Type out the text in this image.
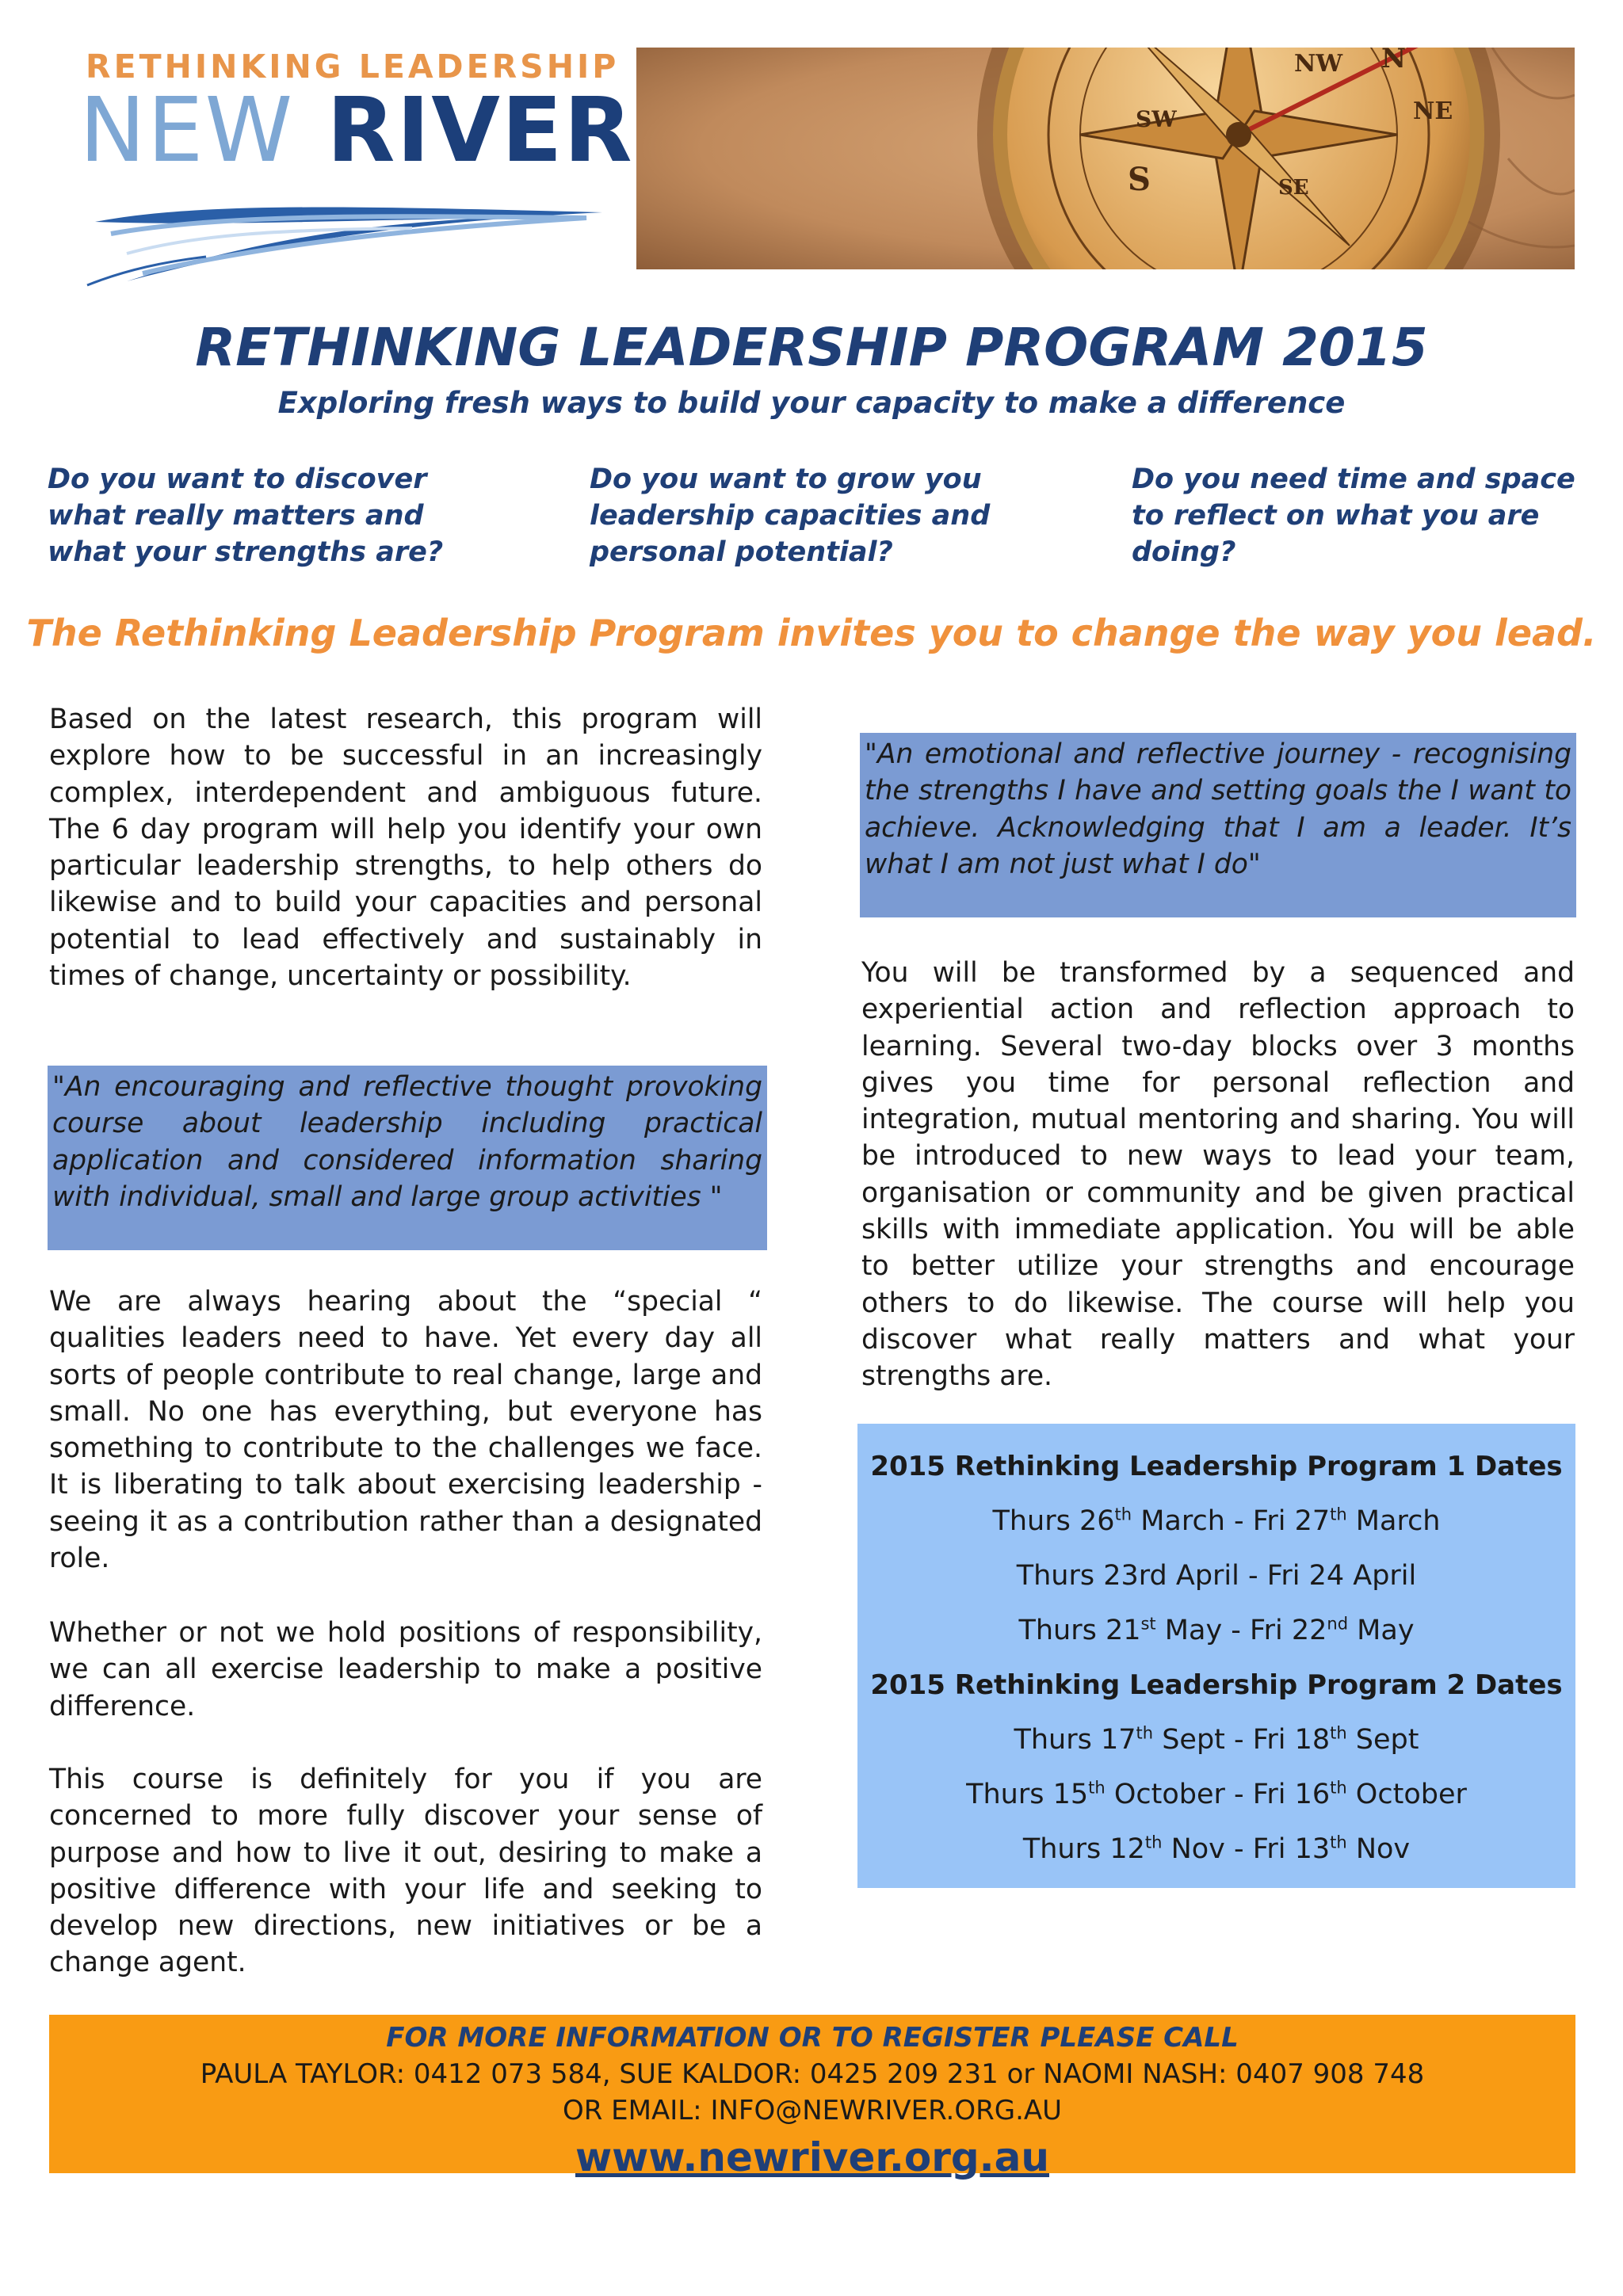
RETHINKING LEADERSHIP
NEW RIVER
NW N
NE
SW
SE
S
RETHINKING LEADERSHIP PROGRAM 2015
Exploring fresh ways to build your capacity to make a difference
Do you want to discover what really matters and what your strengths are?
Do you want to grow you leadership capacities and personal potential?
Do you need time and space to reflect on what you are doing?
The Rethinking Leadership Program invites you to change the way you lead.
Based on the latest research, this program will explore how to be successful in an increasingly complex, interdependent and ambiguous future. The 6 day program will help you identify your own particular leadership strengths, to help others do likewise and to build your capacities and personal potential to lead effectively and sustainably in times of change, uncertainty or possibility.
"An encouraging and reflective thought provoking course about leadership including practical application and considered information sharing with individual, small and large group activities "
We are always hearing about the “special “ qualities leaders need to have. Yet every day all sorts of people contribute to real change, large and small. No one has everything, but everyone has something to contribute to the challenges we face. It is liberating to talk about exercising leadership - seeing it as a contribution rather than a designated role.
Whether or not we hold positions of responsibility, we can all exercise leadership to make a positive difference.
This course is definitely for you if you are concerned to more fully discover your sense of purpose and how to live it out, desiring to make a positive difference with your life and seeking to develop new directions, new initiatives or be a change agent.
"An emotional and reflective journey - recognising the strengths I have and setting goals the I want to achieve. Acknowledging that I am a leader. It’s what I am not just what I do"
You will be transformed by a sequenced and experiential action and reflection approach to learning. Several two-day blocks over 3 months gives you time for personal reflection and integration, mutual mentoring and sharing. You will be introduced to new ways to lead your team, organisation or community and be given practical skills with immediate application. You will be able to better utilize your strengths and encourage others to do likewise. The course will help you discover what really matters and what your strengths are.
2015 Rethinking Leadership Program 1 Dates
Thurs 26th March - Fri 27th March
Thurs 23rd April - Fri 24 April
Thurs 21st May - Fri 22nd May
2015 Rethinking Leadership Program 2 Dates
Thurs 17th Sept - Fri 18th Sept
Thurs 15th October - Fri 16th October
Thurs 12th Nov - Fri 13th Nov
FOR MORE INFORMATION OR TO REGISTER PLEASE CALL
PAULA TAYLOR: 0412 073 584, SUE KALDOR: 0425 209 231 or NAOMI NASH: 0407 908 748
OR EMAIL: INFO@NEWRIVER.ORG.AU
www.newriver.org.au
